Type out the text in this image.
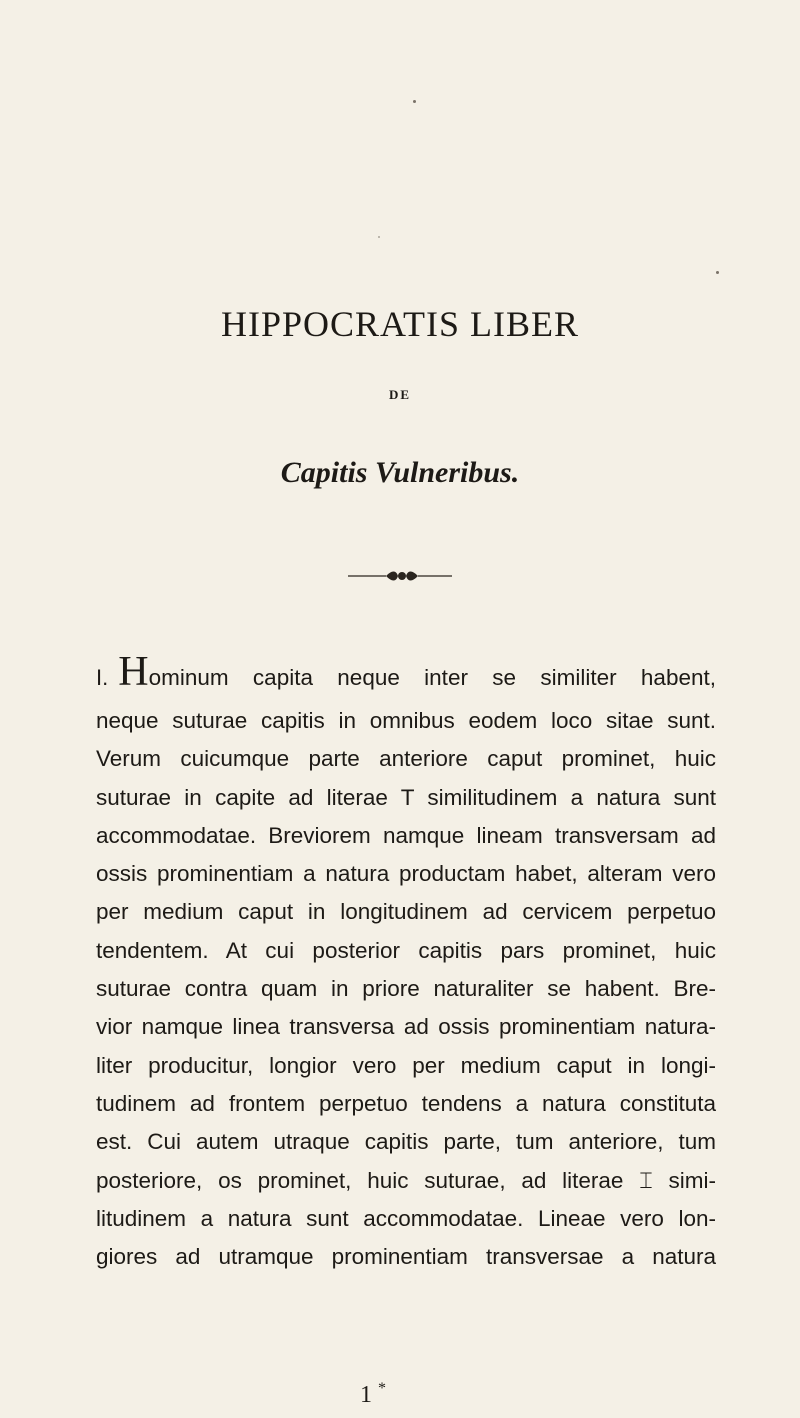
HIPPOCRATIS LIBER
DE
Capitis Vulneribus.
I. H ominum capita neque inter se similiter habent,
neque suturae capitis in omnibus eodem loco sitae sunt.
Verum cuicumque parte anteriore caput prominet, huic
suturae in capite ad literae T similitudinem a natura sunt
accommodatae. Breviorem namque lineam transversam ad
ossis prominentiam a natura productam habet, alteram vero
per medium caput in longitudinem ad cervicem perpetuo
tendentem. At cui posterior capitis pars prominet, huic
suturae contra quam in priore naturaliter se habent. Bre-
vior namque linea transversa ad ossis prominentiam natura-
liter producitur, longior vero per medium caput in longi-
tudinem ad frontem perpetuo tendens a natura constituta
est. Cui autem utraque capitis parte, tum anteriore, tum
posteriore, os prominet, huic suturae, ad literae ⌶ simi-
litudinem a natura sunt accommodatae. Lineae vero lon-
giores ad utramque prominentiam transversae a natura
1 *
